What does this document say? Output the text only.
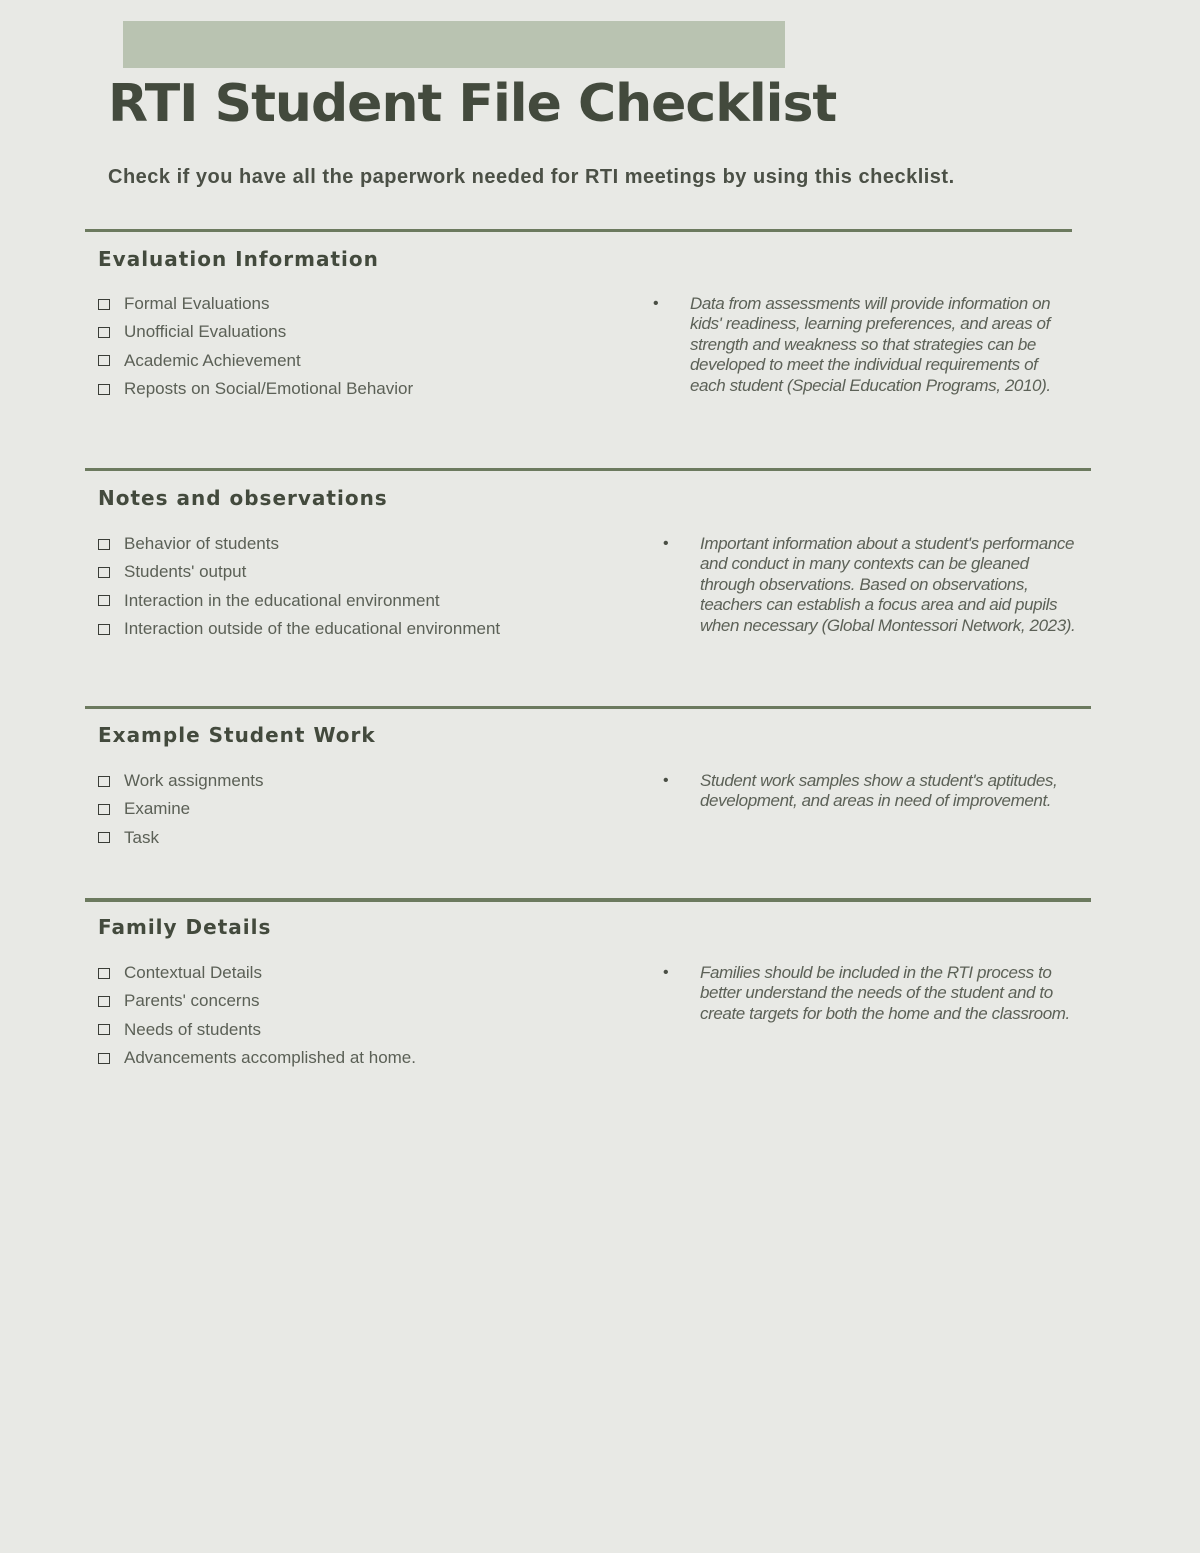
RTI Student File Checklist

Check if you have all the paperwork needed for RTI meetings by using this checklist.

Evaluation Information
Formal Evaluations
Unofficial Evaluations
Academic Achievement
Reposts on Social/Emotional Behavior
• Data from assessments will provide information on kids' readiness, learning preferences, and areas of strength and weakness so that strategies can be developed to meet the individual requirements of each student (Special Education Programs, 2010).

Notes and observations
Behavior of students
Students' output
Interaction in the educational environment
Interaction outside of the educational environment
• Important information about a student's performance and conduct in many contexts can be gleaned through observations. Based on observations, teachers can establish a focus area and aid pupils when necessary (Global Montessori Network, 2023).

Example Student Work
Work assignments
Examine
Task
• Student work samples show a student's aptitudes, development, and areas in need of improvement.

Family Details
Contextual Details
Parents' concerns
Needs of students
Advancements accomplished at home.
• Families should be included in the RTI process to better understand the needs of the student and to create targets for both the home and the classroom.
